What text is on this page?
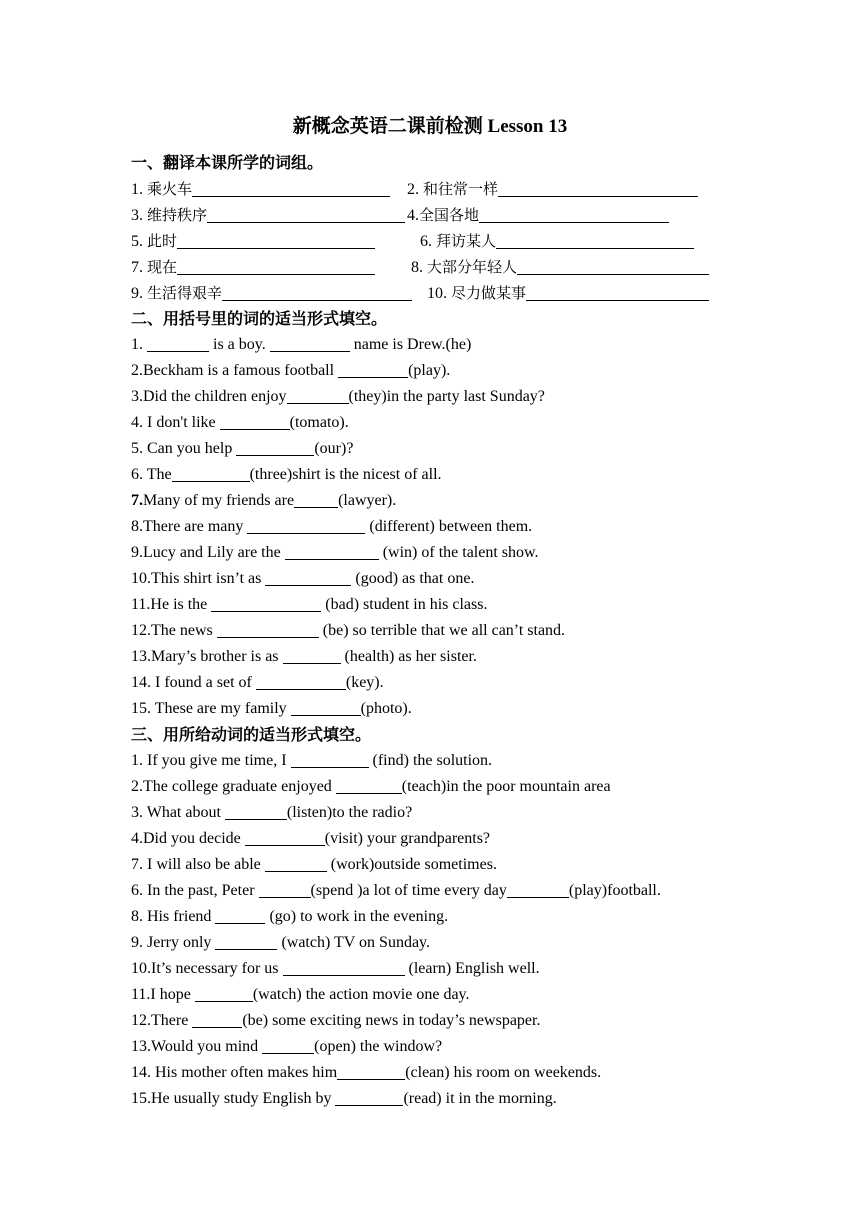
新概念英语二课前检测 Lesson 13
一、翻译本课所学的词组。
1. 乘火车	2. 和往常一样
3. 维持秩序	4.全国各地
5. 此时	6. 拜访某人
7. 现在	8. 大部分年轻人
9. 生活得艰辛	10. 尽力做某事
二、用括号里的词的适当形式填空。
1.	is a boy.	name is Drew.(he)
2.Beckham is a famous football	(play).
3.Did the children enjoy	(they)in the party last Sunday?
4. I don't like	(tomato).
5. Can you help	(our)?
6. The	(three)shirt is the nicest of all.
7.Many of my friends are	(lawyer).
8.There are many	(different) between them.
9.Lucy and Lily are the	(win) of the talent show.
10.This shirt isn’t as	(good) as that one.
11.He is the	(bad) student in his class.
12.The news	(be) so terrible that we all can’t stand.
13.Mary’s brother is as	(health) as her sister.
14. I found a set of	(key).
15. These are my family	(photo).
三、用所给动词的适当形式填空。
1. If you give me time, I	(find) the solution.
2.The college graduate enjoyed	(teach)in the poor mountain area
3. What about	(listen)to the radio?
4.Did you decide	(visit) your grandparents?
7. I will also be able	(work)outside sometimes.
6. In the past, Peter	(spend )a lot of time every day	(play)football.
8. His friend	(go) to work in the evening.
9. Jerry only	(watch) TV on Sunday.
10.It’s necessary for us	(learn) English well.
11.I hope	(watch) the action movie one day.
12.There	(be) some exciting news in today’s newspaper.
13.Would you mind	(open) the window?
14. His mother often makes him	(clean) his room on weekends.
15.He usually study English by	(read) it in the morning.
